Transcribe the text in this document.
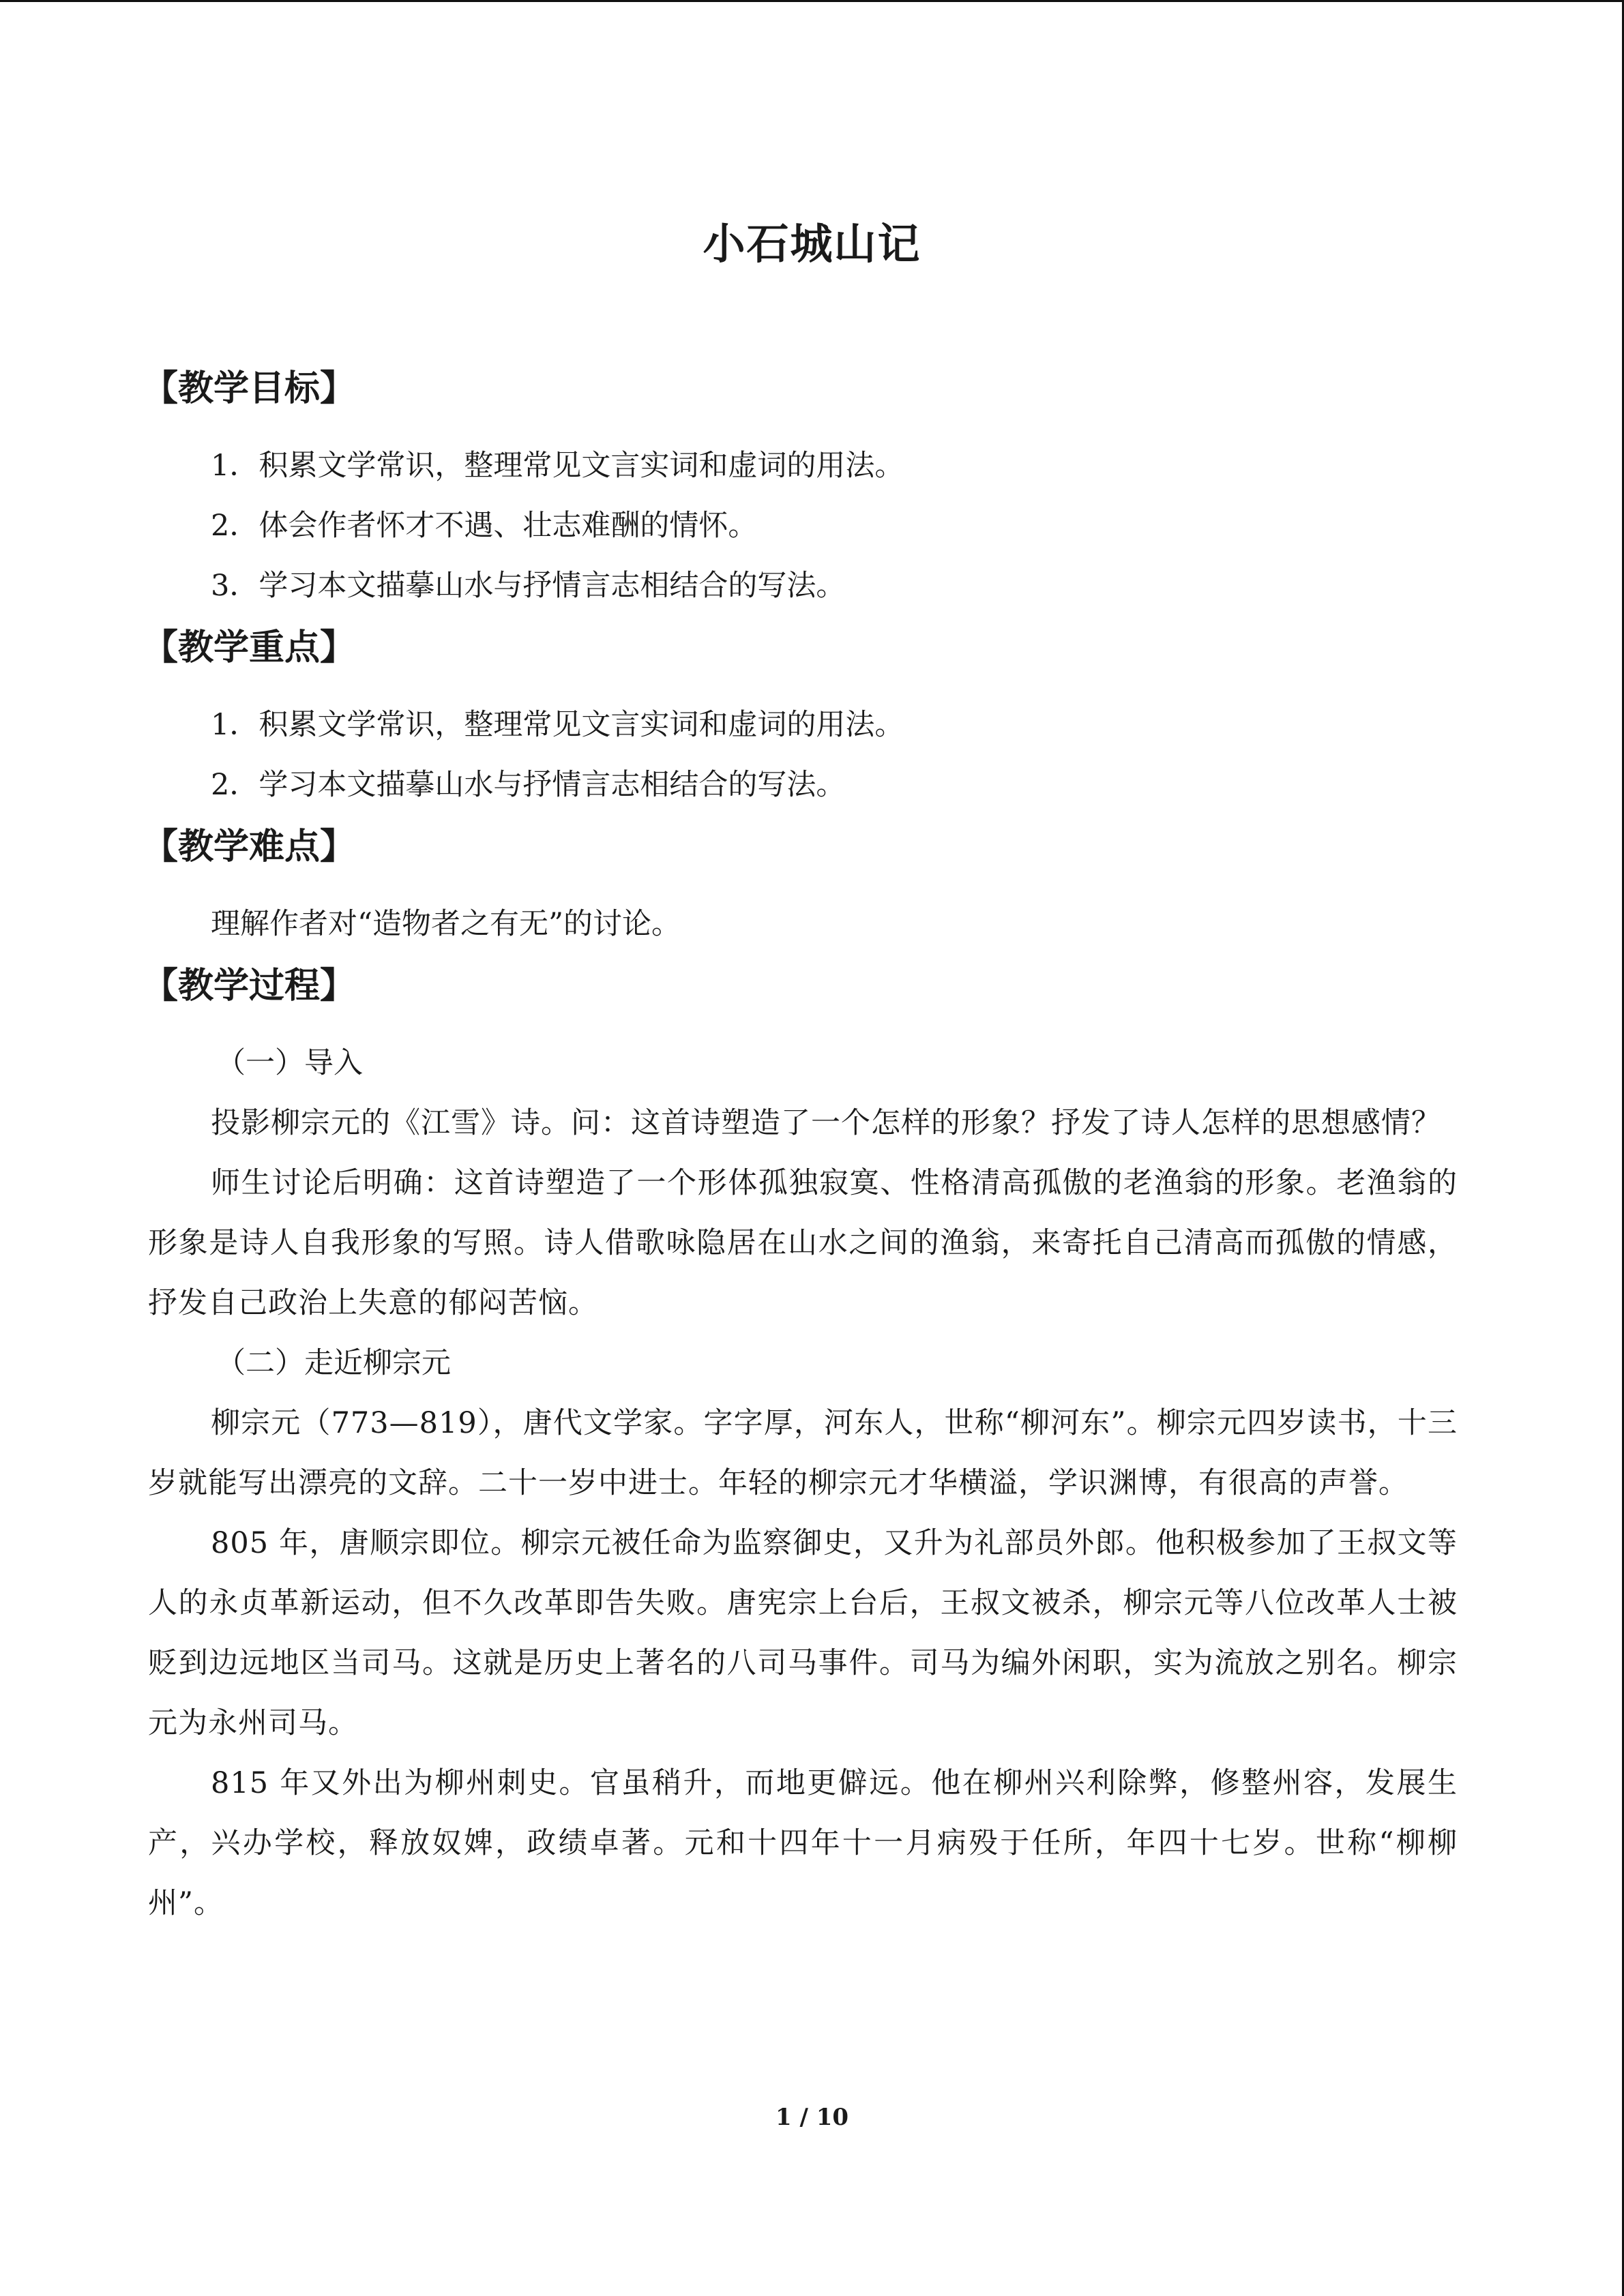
小石城山记
【教学目标】
1．积累文学常识，整理常见文言实词和虚词的用法。
2．体会作者怀才不遇、壮志难酬的情怀。
3．学习本文描摹山水与抒情言志相结合的写法。
【教学重点】
1．积累文学常识，整理常见文言实词和虚词的用法。
2．学习本文描摹山水与抒情言志相结合的写法。
【教学难点】
理解作者对“造物者之有无”的讨论。
【教学过程】
（一）导入
投影柳宗元的《江雪》诗。问：这首诗塑造了一个怎样的形象？抒发了诗人怎样的思想感情？
师生讨论后明确：这首诗塑造了一个形体孤独寂寞、性格清高孤傲的老渔翁的形象。老渔翁的形象是诗人自我形象的写照。诗人借歌咏隐居在山水之间的渔翁，来寄托自己清高而孤傲的情感，抒发自己政治上失意的郁闷苦恼。
（二）走近柳宗元
柳宗元（773—819），唐代文学家。字字厚，河东人，世称“柳河东”。柳宗元四岁读书，十三岁就能写出漂亮的文辞。二十一岁中进士。年轻的柳宗元才华横溢，学识渊博，有很高的声誉。
805 年，唐顺宗即位。柳宗元被任命为监察御史，又升为礼部员外郎。他积极参加了王叔文等人的永贞革新运动，但不久改革即告失败。唐宪宗上台后，王叔文被杀，柳宗元等八位改革人士被贬到边远地区当司马。这就是历史上著名的八司马事件。司马为编外闲职，实为流放之别名。柳宗元为永州司马。
815 年又外出为柳州刺史。官虽稍升，而地更僻远。他在柳州兴利除弊，修整州容，发展生产，兴办学校，释放奴婢，政绩卓著。元和十四年十一月病殁于任所，年四十七岁。世称“柳柳州”。
1 / 10
